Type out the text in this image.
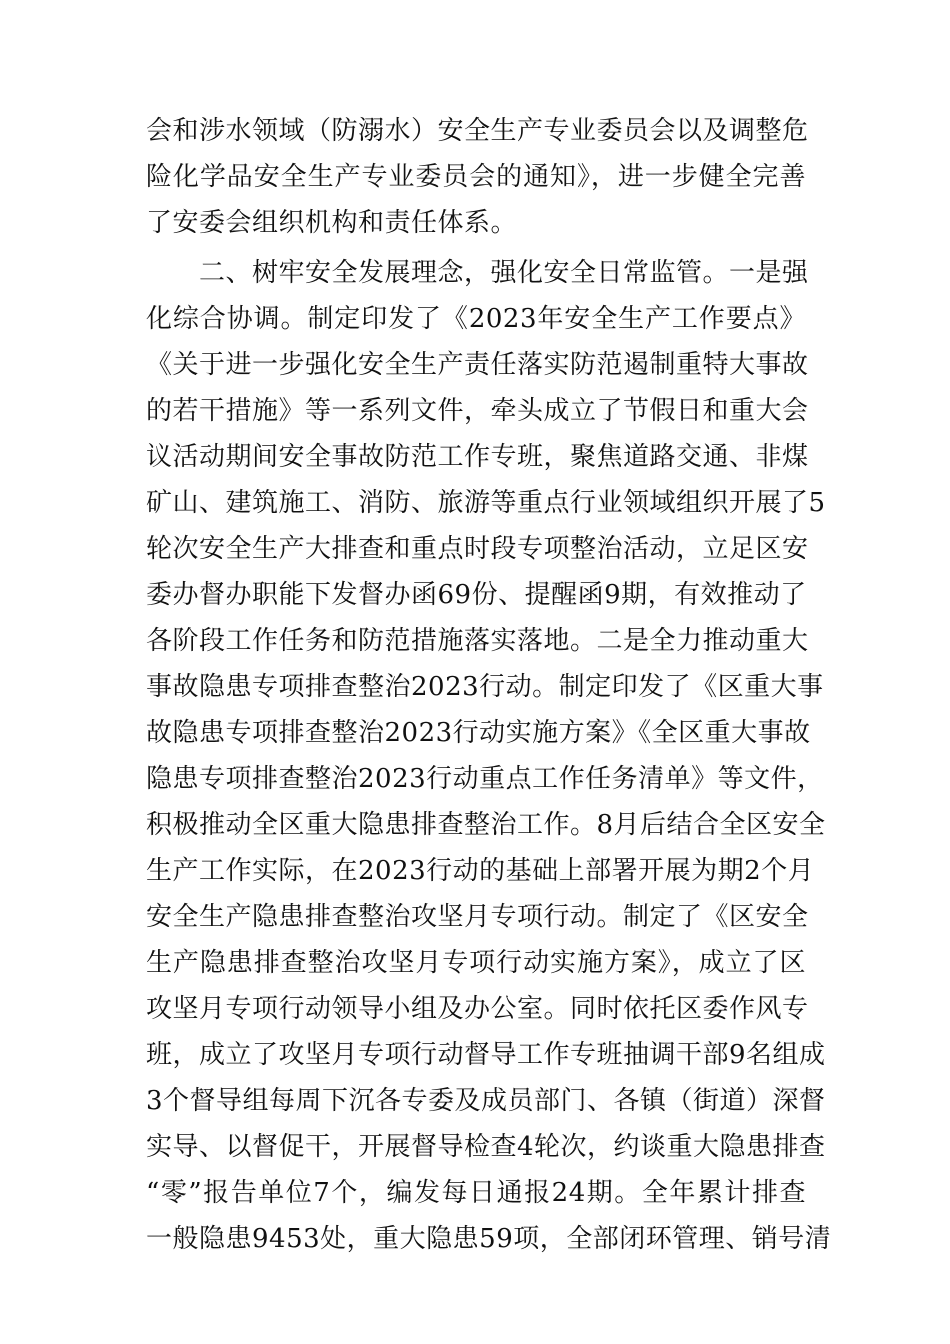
会和涉水领域（防溺水）安全生产专业委员会以及调整危
险化学品安全生产专业委员会的通知》，进一步健全完善
了安委会组织机构和责任体系。
　　二、树牢安全发展理念，强化安全日常监管。一是强
化综合协调。制定印发了《2023年安全生产工作要点》
《关于进一步强化安全生产责任落实防范遏制重特大事故
的若干措施》等一系列文件，牵头成立了节假日和重大会
议活动期间安全事故防范工作专班，聚焦道路交通、非煤
矿山、建筑施工、消防、旅游等重点行业领域组织开展了5
轮次安全生产大排查和重点时段专项整治活动，立足区安
委办督办职能下发督办函69份、提醒函9期，有效推动了
各阶段工作任务和防范措施落实落地。二是全力推动重大
事故隐患专项排查整治2023行动。制定印发了《区重大事
故隐患专项排查整治2023行动实施方案》《全区重大事故
隐患专项排查整治2023行动重点工作任务清单》等文件，
积极推动全区重大隐患排查整治工作。8月后结合全区安全
生产工作实际，在2023行动的基础上部署开展为期2个月
安全生产隐患排查整治攻坚月专项行动。制定了《区安全
生产隐患排查整治攻坚月专项行动实施方案》，成立了区
攻坚月专项行动领导小组及办公室。同时依托区委作风专
班，成立了攻坚月专项行动督导工作专班抽调干部9名组成
3个督导组每周下沉各专委及成员部门、各镇（街道）深督
实导、以督促干，开展督导检查4轮次，约谈重大隐患排查
“零”报告单位7个，编发每日通报24期。全年累计排查
一般隐患9453处，重大隐患59项，全部闭环管理、销号清
